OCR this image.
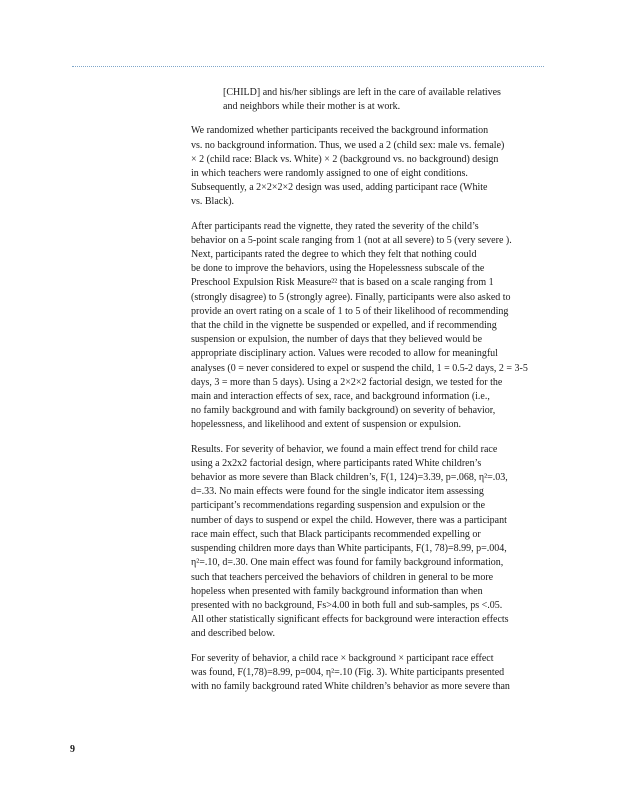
[CHILD] and his/her siblings are left in the care of available relatives
and neighbors while their mother is at work.
We randomized whether participants received the background information
vs. no background information. Thus, we used a 2 (child sex: male vs. female)
× 2 (child race: Black vs. White) × 2 (background vs. no background) design
in which teachers were randomly assigned to one of eight conditions.
Subsequently, a 2×2×2×2 design was used, adding participant race (White
vs. Black).
After participants read the vignette, they rated the severity of the child’s
behavior on a 5-point scale ranging from 1 (not at all severe) to 5 (very severe ).
Next, participants rated the degree to which they felt that nothing could
be done to improve the behaviors, using the Hopelessness subscale of the
Preschool Expulsion Risk Measure²² that is based on a scale ranging from 1
(strongly disagree) to 5 (strongly agree). Finally, participants were also asked to
provide an overt rating on a scale of 1 to 5 of their likelihood of recommending
that the child in the vignette be suspended or expelled, and if recommending
suspension or expulsion, the number of days that they believed would be
appropriate disciplinary action. Values were recoded to allow for meaningful
analyses (0 = never considered to expel or suspend the child, 1 = 0.5-2 days, 2 = 3-5
days, 3 = more than 5 days). Using a 2×2×2 factorial design, we tested for the
main and interaction effects of sex, race, and background information (i.e.,
no family background and with family background) on severity of behavior,
hopelessness, and likelihood and extent of suspension or expulsion.
Results. For severity of behavior, we found a main effect trend for child race
using a 2x2x2 factorial design, where participants rated White children’s
behavior as more severe than Black children’s, F(1, 124)=3.39, p=.068, η²=.03,
d=.33. No main effects were found for the single indicator item assessing
participant’s recommendations regarding suspension and expulsion or the
number of days to suspend or expel the child. However, there was a participant
race main effect, such that Black participants recommended expelling or
suspending children more days than White participants, F(1, 78)=8.99, p=.004,
η²=.10, d=.30. One main effect was found for family background information,
such that teachers perceived the behaviors of children in general to be more
hopeless when presented with family background information than when
presented with no background, Fs>4.00 in both full and sub-samples, ps <.05.
All other statistically significant effects for background were interaction effects
and described below.
For severity of behavior, a child race × background × participant race effect
was found, F(1,78)=8.99, p=004, η²=.10 (Fig. 3). White participants presented
with no family background rated White children’s behavior as more severe than
9
